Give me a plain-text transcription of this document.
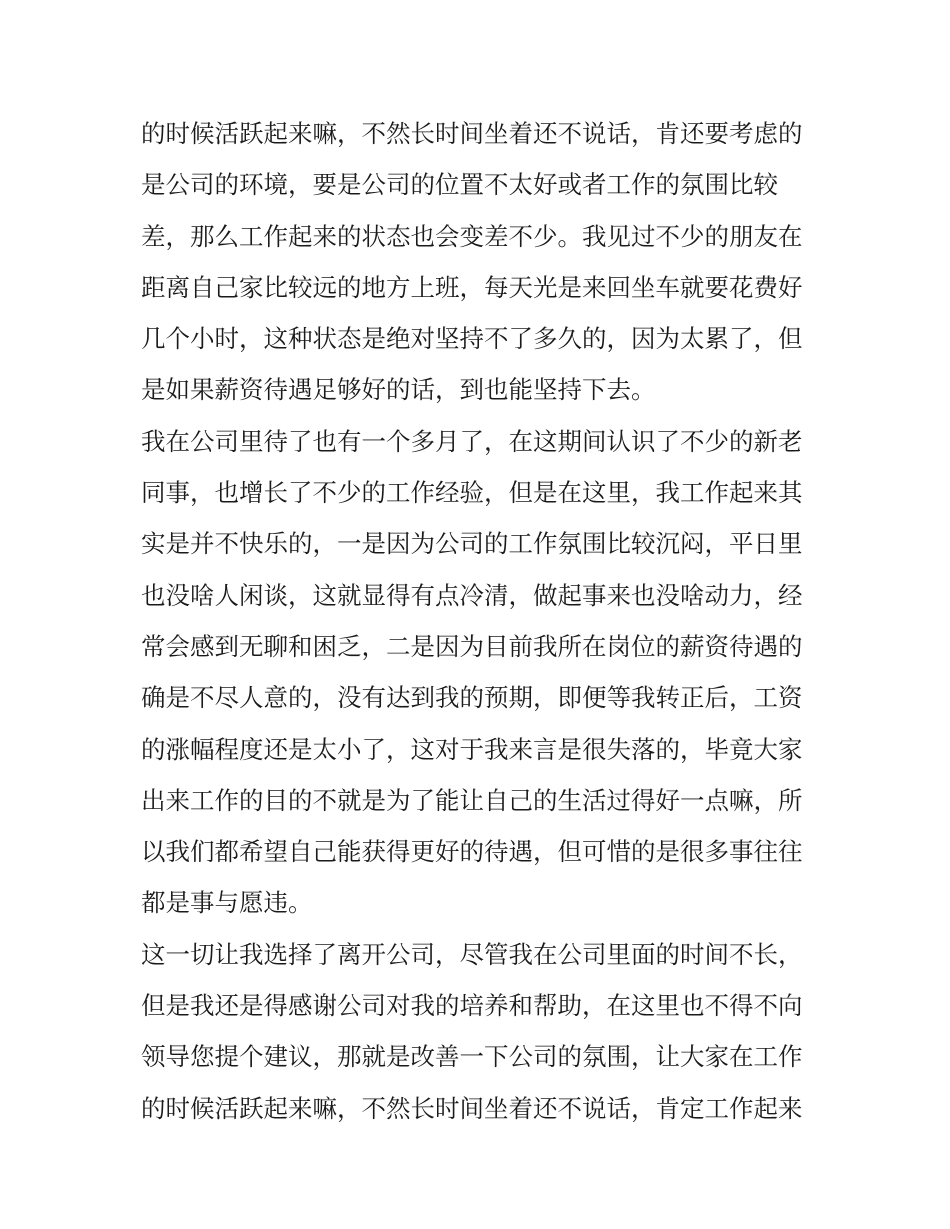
的时候活跃起来嘛，不然长时间坐着还不说话，肯还要考虑的
是公司的环境，要是公司的位置不太好或者工作的氛围比较
差，那么工作起来的状态也会变差不少。我见过不少的朋友在
距离自己家比较远的地方上班，每天光是来回坐车就要花费好
几个小时，这种状态是绝对坚持不了多久的，因为太累了，但
是如果薪资待遇足够好的话，到也能坚持下去。
我在公司里待了也有一个多月了，在这期间认识了不少的新老
同事，也增长了不少的工作经验，但是在这里，我工作起来其
实是并不快乐的，一是因为公司的工作氛围比较沉闷，平日里
也没啥人闲谈，这就显得有点冷清，做起事来也没啥动力，经
常会感到无聊和困乏，二是因为目前我所在岗位的薪资待遇的
确是不尽人意的，没有达到我的预期，即便等我转正后，工资
的涨幅程度还是太小了，这对于我来言是很失落的，毕竟大家
出来工作的目的不就是为了能让自己的生活过得好一点嘛，所
以我们都希望自己能获得更好的待遇，但可惜的是很多事往往
都是事与愿违。
这一切让我选择了离开公司，尽管我在公司里面的时间不长，
但是我还是得感谢公司对我的培养和帮助，在这里也不得不向
领导您提个建议，那就是改善一下公司的氛围，让大家在工作
的时候活跃起来嘛，不然长时间坐着还不说话，肯定工作起来
